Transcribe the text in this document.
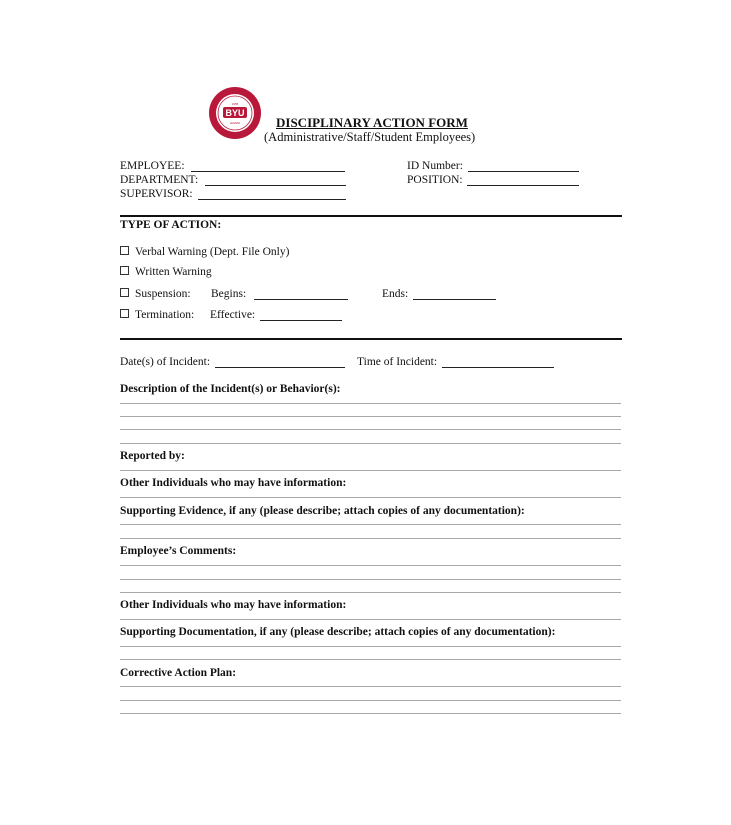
BYU
1955
HAWAII	DISCIPLINARY ACTION FORM
(Administrative/Staff/Student Employees)
EMPLOYEE:
DEPARTMENT:
SUPERVISOR:
ID Number:
POSITION:
TYPE OF ACTION:
Verbal Warning (Dept. File Only)
Written Warning
Suspension: Begins:	Ends:
Termination: Effective:
Date(s) of Incident:	Time of Incident:
Description of the Incident(s) or Behavior(s):
Reported by:
Other Individuals who may have information:
Supporting Evidence, if any (please describe; attach copies of any documentation):
Employee’s Comments:
Other Individuals who may have information:
Supporting Documentation, if any (please describe; attach copies of any documentation):
Corrective Action Plan:
